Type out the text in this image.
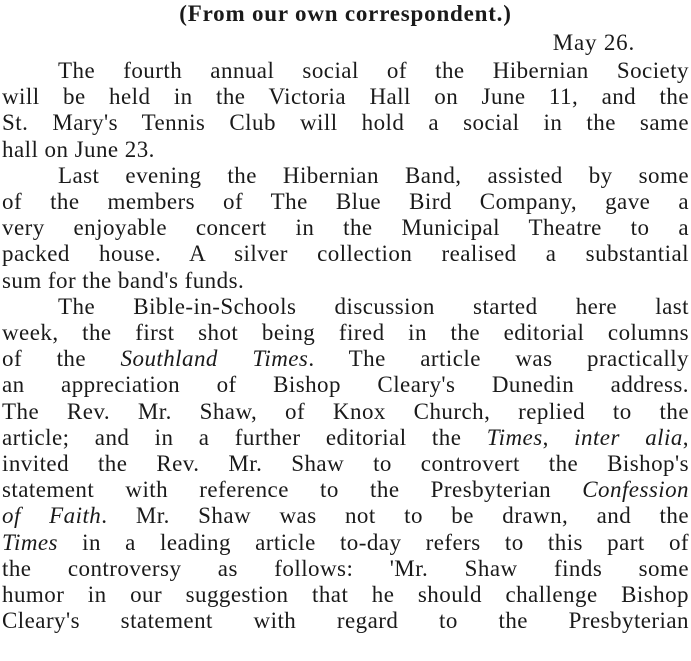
(From our own correspondent.)
May 26.

The fourth annual social of the Hibernian Society
will be held in the Victoria Hall on June 11, and the
St. Mary's Tennis Club will hold a social in the same
hall on June 23.

Last evening the Hibernian Band, assisted by some
of the members of The Blue Bird Company, gave a
very enjoyable concert in the Municipal Theatre to a
packed house. A silver collection realised a substantial
sum for the band's funds.

The Bible-in-Schools discussion started here last
week, the first shot being fired in the editorial columns
of the Southland Times. The article was practically
an appreciation of Bishop Cleary's Dunedin address.
The Rev. Mr. Shaw, of Knox Church, replied to the
article; and in a further editorial the Times, inter alia,
invited the Rev. Mr. Shaw to controvert the Bishop's
statement with reference to the Presbyterian Confession
of Faith. Mr. Shaw was not to be drawn, and the
Times in a leading article to-day refers to this part of
the controversy as follows: 'Mr. Shaw finds some
humor in our suggestion that he should challenge Bishop
Cleary's statement with regard to the Presbyterian
